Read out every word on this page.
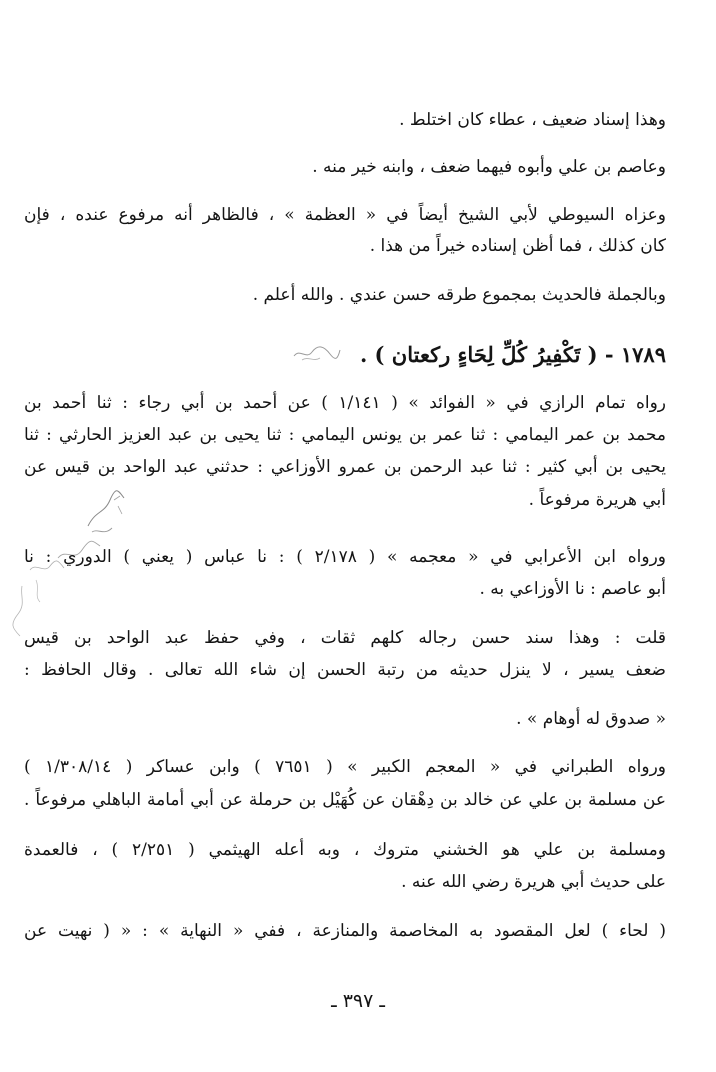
وهذا إسناد ضعيف ، عطاء كان اختلط .
وعاصم بن علي وأبوه فيهما ضعف ، وابنه خير منه .
وعزاه السيوطي لأبي الشيخ أيضاً في « العظمة » ، فالظاهر أنه مرفوع عنده ، فإن
كان كذلك ، فما أظن إسناده خيراً من هذا .
وبالجملة فالحديث بمجموع طرقه حسن عندي . والله أعلم .
١٧٨٩ - ( تَكْفِيرُ كُلِّ لِحَاءٍ ركعتان ) .
رواه تمام الرازي في « الفوائد » ( ١/١٤١ ) عن أحمد بن أبي رجاء : ثنا أحمد بن
محمد بن عمر اليمامي : ثنا عمر بن يونس اليمامي : ثنا يحيى بن عبد العزيز الحارثي : ثنا
يحيى بن أبي كثير : ثنا عبد الرحمن بن عمرو الأوزاعي : حدثني عبد الواحد بن قيس عن
أبي هريرة مرفوعاً .
ورواه ابن الأعرابي في « معجمه » ( ٢/١٧٨ ) : نا عباس ( يعني ) الدوري : نا
أبو عاصم : نا الأوزاعي به .
قلت : وهذا سند حسن رجاله كلهم ثقات ، وفي حفظ عبد الواحد بن قيس
ضعف يسير ، لا ينزل حديثه من رتبة الحسن إن شاء الله تعالى . وقال الحافظ :
« صدوق له أوهام » .
ورواه الطبراني في « المعجم الكبير » ( ٧٦٥١ ) وابن عساكر ( ١/٣٠٨/١٤ )
عن مسلمة بن علي عن خالد بن دِهْقان عن كُهَيْل بن حرملة عن أبي أمامة الباهلي مرفوعاً .
ومسلمة بن علي هو الخشني متروك ، وبه أعله الهيثمي ( ٢/٢٥١ ) ، فالعمدة
على حديث أبي هريرة رضي الله عنه .
( لحاء ) لعل المقصود به المخاصمة والمنازعة ، ففي « النهاية » : « ( نهيت عن
ـ ٣٩٧ ـ
